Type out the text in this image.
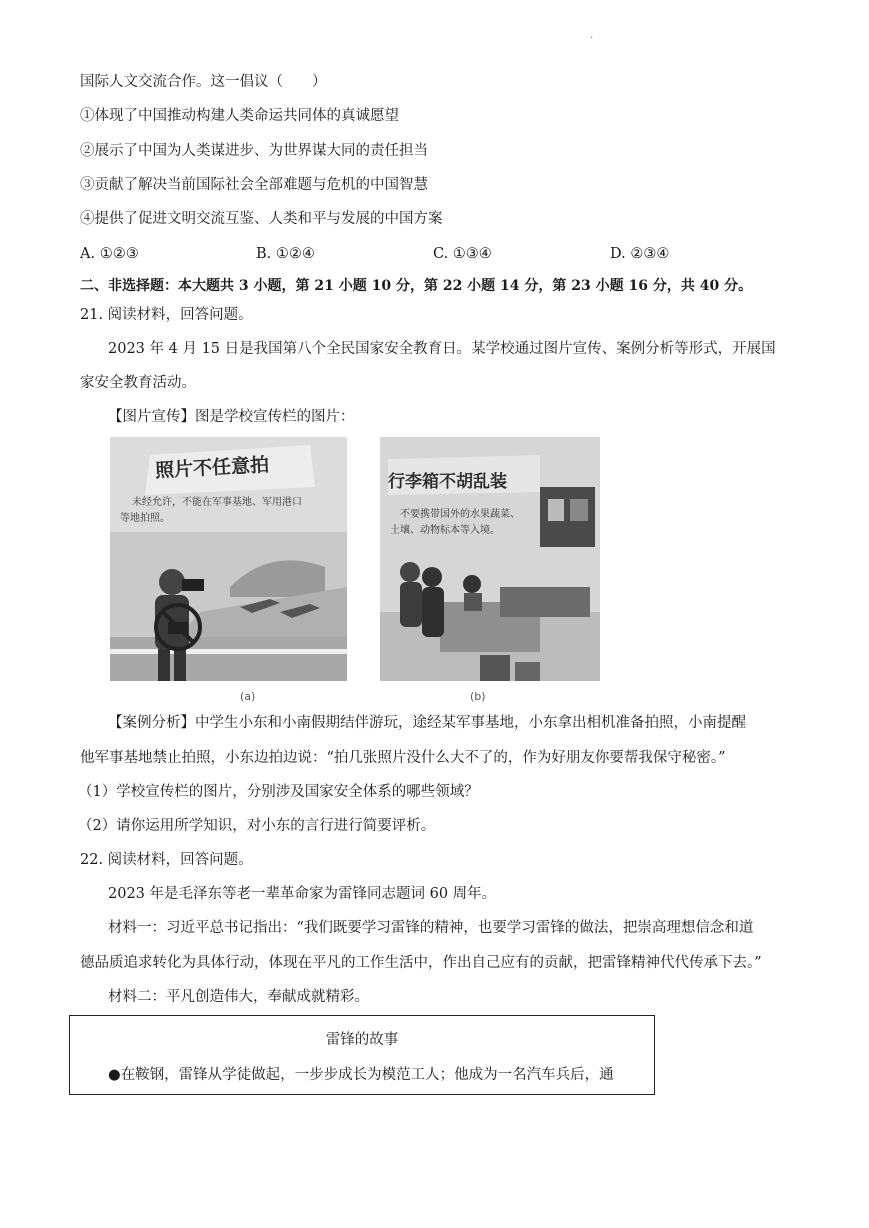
.
国际人文交流合作。这一倡议（　　）
①体现了中国推动构建人类命运共同体的真诚愿望
②展示了中国为人类谋进步、为世界谋大同的责任担当
③贡献了解决当前国际社会全部难题与危机的中国智慧
④提供了促进文明交流互鉴、人类和平与发展的中国方案
A. ①②③	B. ①②④	C. ①③④	D. ②③④
二、非选择题：本大题共 3 小题，第 21 小题 10 分，第 22 小题 14 分，第 23 小题 16 分，共 40 分。
21. 阅读材料，回答问题。
2023 年 4 月 15 日是我国第八个全民国家安全教育日。某学校通过图片宣传、案例分析等形式，开展国
家安全教育活动。
【图片宣传】图是学校宣传栏的图片：
照片不任意拍
未经允许，不能在军事基地、军用港口
等地拍照。
(a)
行李箱不胡乱装
不要携带国外的水果蔬菜、
土壤、动物标本等入境。
(b)
【案例分析】中学生小东和小南假期结伴游玩，途经某军事基地，小东拿出相机准备拍照，小南提醒
他军事基地禁止拍照，小东边拍边说：“拍几张照片没什么大不了的，作为好朋友你要帮我保守秘密。”
（1）学校宣传栏的图片，分别涉及国家安全体系的哪些领域？
（2）请你运用所学知识，对小东的言行进行简要评析。
22. 阅读材料，回答问题。
2023 年是毛泽东等老一辈革命家为雷锋同志题词 60 周年。
材料一：习近平总书记指出：“我们既要学习雷锋的精神，也要学习雷锋的做法，把崇高理想信念和道
德品质追求转化为具体行动，体现在平凡的工作生活中，作出自己应有的贡献，把雷锋精神代代传承下去。”
材料二：平凡创造伟大，奉献成就精彩。
雷锋的故事
●在鞍钢，雷锋从学徒做起，一步步成长为模范工人；他成为一名汽车兵后，通
